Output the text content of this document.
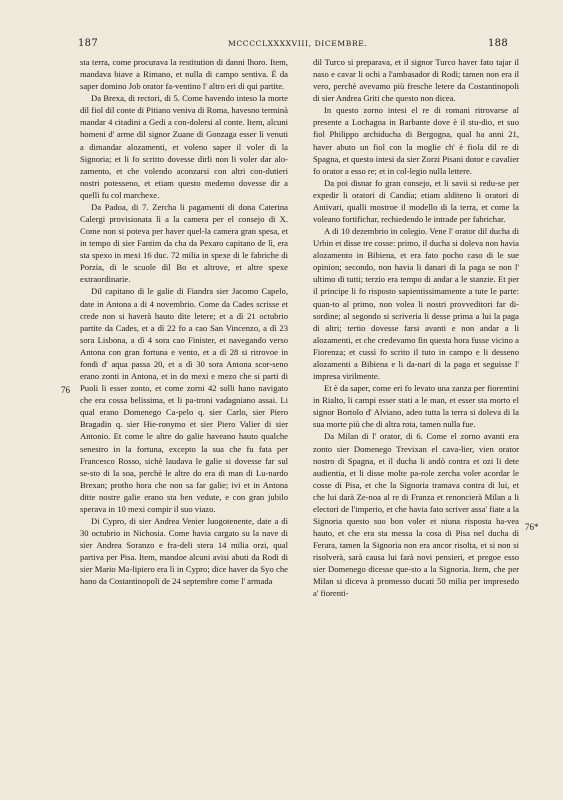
187	MCCCCLXXXXVIII, DICEMBRE.	188

sta terra, come procurava la restitution di danni lhoro. Item, mandava biave a Rimano, et nulla di campo sentiva. È da saper domino Job orator fa-ventino l' altro eri di qui partite.

Da Brexa, di rectori, di 5. Come havendo inteso la morte dil fiol dil conte di Pitiano veniva di Roma, havesno terminà mandar 4 citadini a Gedi a con-dolersi al conte. Item, alcuni homeni d' arme dil signor Zuane di Gonzaga esser lì venuti a dimandar alozamenti, et voleno saper il voler di la Signoria; et li fo scritto dovesse dirli non li voler dar alo-zamento, et che volendo aconzarsi con altri con-dutieri nostri potesseno, et etiam questo medemo dovesse dir a quelli fu col marchexe.

Da Padoa, di 7. Zercha li pagamenti di dona Caterina Calergi provisionata lì a la camera per el consejo di X. Come non si poteva per haver quel-la camera gran spesa, et in tempo di sier Fantim da cha da Pexaro capitano de lì, era sta spexo in mexi 16 duc. 72 milia in spexe di le fabriche di Porzia, di le scuole dil Bo et altrove, et altre spexe extraordinarie.

Dil capitano di le galie di Fiandra sier Jacomo Capelo, date in Antona a di 4 novembrio. Come da Cades scrisse et crede non si haverà hauto dite letere; et a dì 21 octubrio partite da Cades, et a dì 22 fo a cao San Vincenzo, a dì 23 sora Lisbona, a dì 4 sora cao Finister, et navegando verso Antona con gran fortuna e vento, et a dì 28 si ritrovoe in fondi d' aqua passa 20, et a dì 30 sora Antona scor-seno erano zonti in Antona, et in do mexi e mezo che si parti di Puoli li esser zonto, et come zorni 42 solli hano navigato che era cossa belissima, et li pa-troni vadagniano assai. Li qual erano Domenego Ca-pelo q. sier Carlo, sier Piero Bragadin q. sier Hie-ronymo et sier Piero Valier di sier Antonio. Et come le altre do galie haveano hauto qualche senestro in la fortuna, excepto la sua che fu fata per Francesco Rosso, sichè laudava le galie si dovesse far sul se-sto di la soa, perchè le altre do era di man di Lu-nardo Brexan; protho hora che non sa far galie; ivi et in Antona ditte nostre galie erano sta ben vedute, e con gran jubilo sperava in 10 mexi compir il suo viazo.

Di Cypro, di sier Andrea Venier luogotenente, date a dì 30 octubrio in Nichosia. Come havia cargato su la nave di sier Andrea Soranzo e fra-deli stera 14 milia orzi, qual partiva per Pisa. Item, mandoe alcuni avisi abuti da Rodi di sier Mario Ma-lipiero era lì in Cypro; dice haver da Syo che hano da Costantinopoli de 24 septembre come l' armada

76

dil Turco si preparava, et il signor Turco haver fato tajar il naso e cavar li ochi a l'ambasador di Rodi; tamen non era il vero, perchè avevamo più fresche letere da Costantinopoli di sier Andrea Griti che questo non dicea.

In questo zorno intesi el re di romani ritrovarse al presente a Lochagna in Barbante dove è il stu-dio, et suo fiol Philippo archiducha di Bergogna, qual ha anni 21, haver abuto un fiol con la moglie ch' è fiola dil re di Spagna, et questo intesi da sier Zorzi Pisani dotor e cavalier fo orator a esso re; et in col-legio nulla lettere.

Da poi disnar fo gran consejo, et li savii si redu-se per expedir li oratori di Candia; etiam alditeno li oratori di Antivari, qualli mostroe il modello di la terra, et come la voleano fortifichar, rechiedendo le intrade per fabrichar.

A di 10 dezembrio in colegio. Vene l' orator dil ducha di Urbin et disse tre cosse: primo, il ducha si doleva non havia alozamento in Bibiena, et era fato pocho caso di le sue opinion; secondo, non havia li danari di la paga se non l' ultimo di tutti; terzio era tempo di andar a le stanzie. Et per il principe li fo risposto sapientissimamente a tute le parte: quan-to al primo, non volea li nostri provveditori far di-sordine; al segondo si scriveria li desse prima a lui la paga di altri; tertio dovesse farsi avanti e non andar a li alozamenti, et che credevamo fin questa hora fusse vicino a Fiorenza; et cussì fo scrito il tuto in campo e li desseno alozamenti a Bibiena e li da-nari di la paga et seguisse l' impresa virilmente.

Et è da saper, come eri fo levato una zanza per fiorentini in Rialto, li campi esser stati a le man, et esser sta morto el signor Bortolo d' Alviano, adeo tutta la terra si doleva di la sua morte più che di altra rota, tamen nulla fue.

Da Milan di l' orator, di 6. Come el zorno avanti era zonto sier Domenego Trevixan el cava-lier, vien orator nostro di Spagna, et il ducha li andò contra et ozi li dete audientia, et li disse molte pa-role zercha voler acordar le cosse di Pisa, et che la Signoria tramava contra di lui, et che lui darà Ze-noa al re di Franza et renoncierà Milan a li electori de l'imperio, et che havia fato scriver assa' fiate a la Signoria questo suo bon voler et niuna risposta ha-vea hauto, et che era sta messa la cosa di Pisa nel ducha di Ferara, tamen la Signoria non era ancor risolta, et si non si risolverà, sarà causa lui farà novi pensieri, et pregoe esso sier Domenego dicesse que-sto a la Signoria. Item, che per Milan si diceva à promesso ducati 50 milia per impresedo a' fiorenti-

76*
